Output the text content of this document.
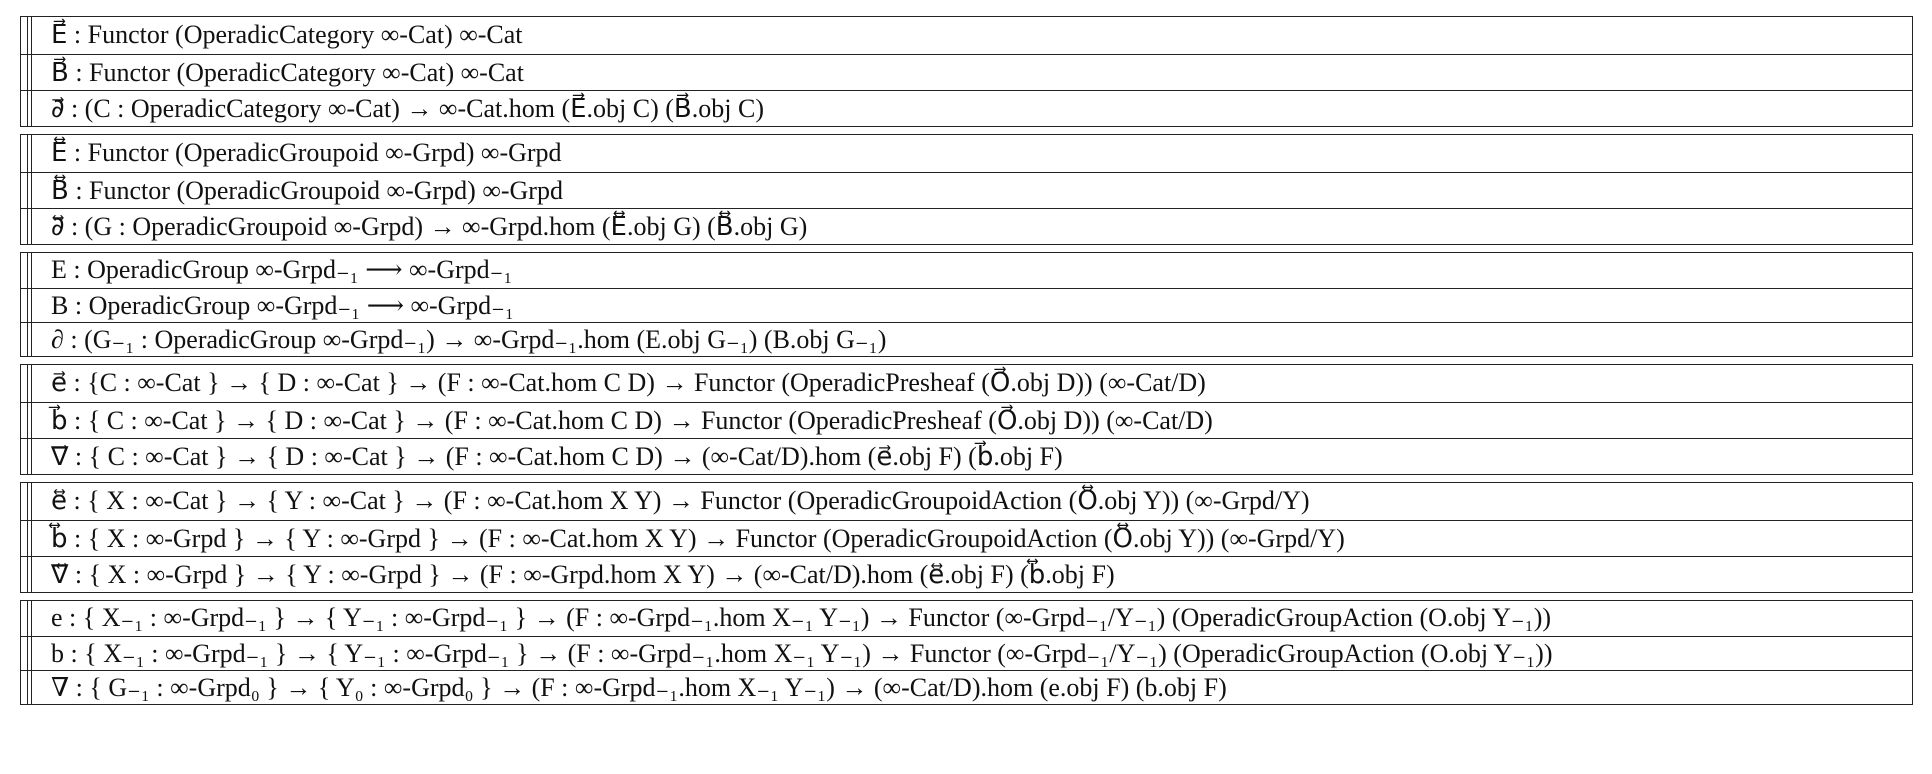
E⃗ : Functor (OperadicCategory ∞-Cat) ∞-Cat
B⃗ : Functor (OperadicCategory ∞-Cat) ∞-Cat
∂⃗ : (C : OperadicCategory ∞-Cat) → ∞-Cat.hom (E⃗.obj C) (B⃗.obj C)
E⃡ : Functor (OperadicGroupoid ∞-Grpd) ∞-Grpd
B⃡ : Functor (OperadicGroupoid ∞-Grpd) ∞-Grpd
∂⃡ : (G : OperadicGroupoid ∞-Grpd) → ∞-Grpd.hom (E⃡.obj G) (B⃡.obj G)
E : OperadicGroup ∞-Grpd₋₁ ⟶ ∞-Grpd₋₁
B : OperadicGroup ∞-Grpd₋₁ ⟶ ∞-Grpd₋₁
∂ : (G₋₁ : OperadicGroup ∞-Grpd₋₁) → ∞-Grpd₋₁.hom (E.obj G₋₁) (B.obj G₋₁)
e⃗ : {C : ∞-Cat } → { D : ∞-Cat } → (F : ∞-Cat.hom C D) → Functor (OperadicPresheaf (O⃗.obj D)) (∞-Cat/D)
b⃗ : { C : ∞-Cat } → { D : ∞-Cat } → (F : ∞-Cat.hom C D) → Functor (OperadicPresheaf (O⃗.obj D)) (∞-Cat/D)
∇⃗ : { C : ∞-Cat } → { D : ∞-Cat } → (F : ∞-Cat.hom C D) → (∞-Cat/D).hom (e⃗.obj F) (b⃗.obj F)
e⃡ : { X : ∞-Cat } → { Y : ∞-Cat } → (F : ∞-Cat.hom X Y) → Functor (OperadicGroupoidAction (O⃡.obj Y)) (∞-Grpd/Y)
b⃡ : { X : ∞-Grpd } → { Y : ∞-Grpd } → (F : ∞-Cat.hom X Y) → Functor (OperadicGroupoidAction (O⃡.obj Y)) (∞-Grpd/Y)
∇⃡ : { X : ∞-Grpd } → { Y : ∞-Grpd } → (F : ∞-Grpd.hom X Y) → (∞-Cat/D).hom (e⃡.obj F) (b⃡.obj F)
e : { X₋₁ : ∞-Grpd₋₁ } → { Y₋₁ : ∞-Grpd₋₁ } → (F : ∞-Grpd₋₁.hom X₋₁ Y₋₁) → Functor (∞-Grpd₋₁/Y₋₁) (OperadicGroupAction (O.obj Y₋₁))
b : { X₋₁ : ∞-Grpd₋₁ } → { Y₋₁ : ∞-Grpd₋₁ } → (F : ∞-Grpd₋₁.hom X₋₁ Y₋₁) → Functor (∞-Grpd₋₁/Y₋₁) (OperadicGroupAction (O.obj Y₋₁))
∇ : { G₋₁ : ∞-Grpd₀ } → { Y₀ : ∞-Grpd₀ } → (F : ∞-Grpd₋₁.hom X₋₁ Y₋₁) → (∞-Cat/D).hom (e.obj F) (b.obj F)
